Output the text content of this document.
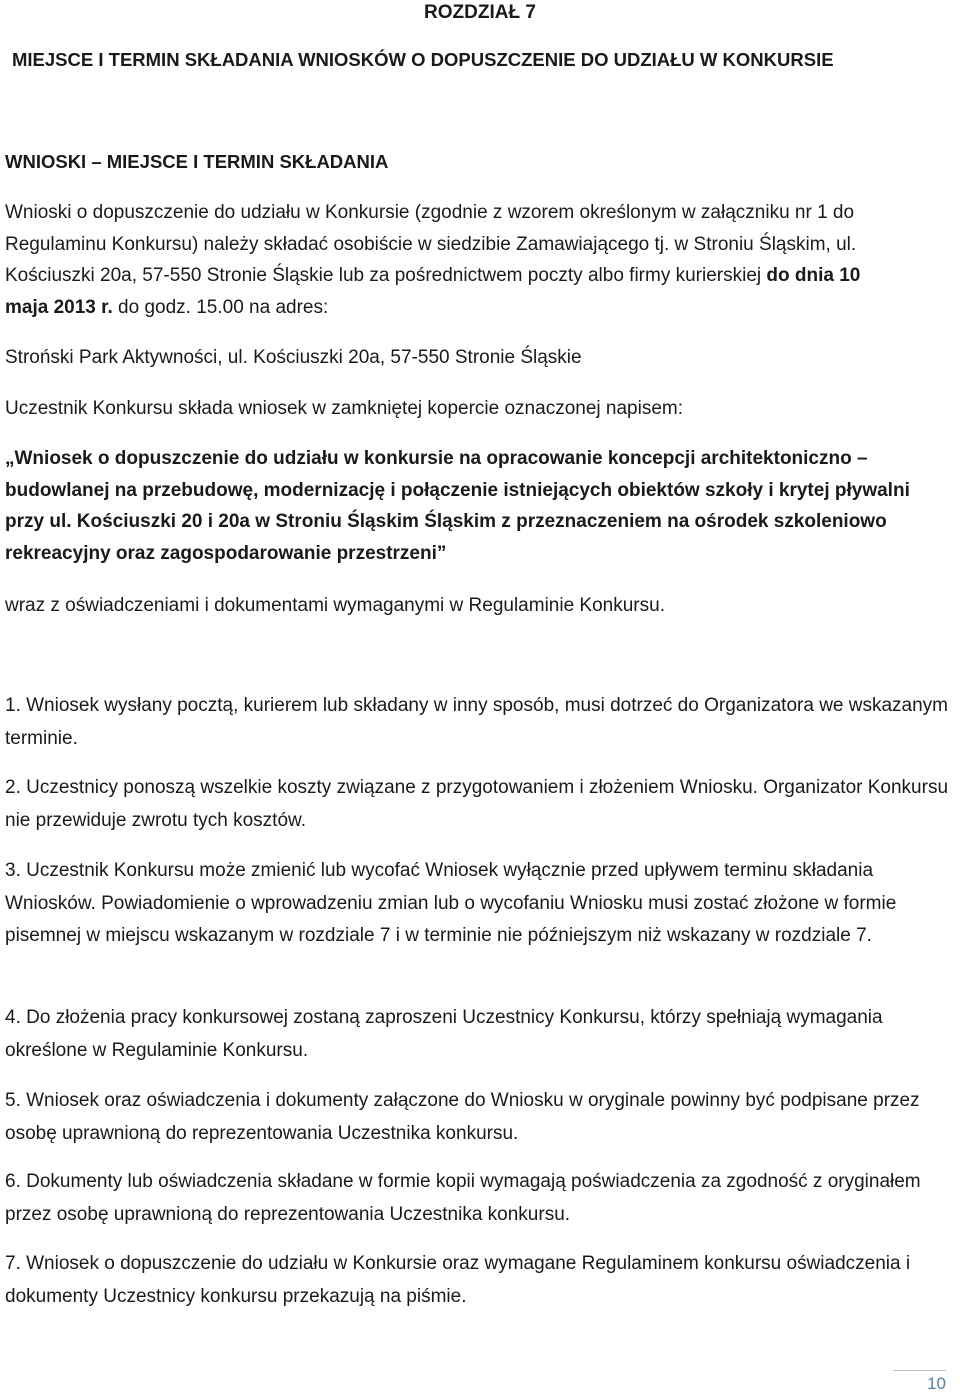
ROZDZIAŁ 7
MIEJSCE I TERMIN SKŁADANIA WNIOSKÓW O DOPUSZCZENIE DO UDZIAŁU W KONKURSIE
WNIOSKI – MIEJSCE I TERMIN SKŁADANIA

Wnioski o dopuszczenie do udziału w Konkursie (zgodnie z wzorem określonym w załączniku nr 1 do Regulaminu Konkursu) należy składać osobiście w siedzibie Zamawiającego tj. w Stroniu Śląskim, ul. Kościuszki 20a, 57-550 Stronie Śląskie lub za pośrednictwem poczty albo firmy kurierskiej do dnia 10 maja 2013 r. do godz. 15.00 na adres:

Stroński Park Aktywności, ul. Kościuszki 20a, 57-550 Stronie Śląskie

Uczestnik Konkursu składa wniosek w zamkniętej kopercie oznaczonej napisem:

„Wniosek o dopuszczenie do udziału w konkursie na opracowanie koncepcji architektoniczno – budowlanej na przebudowę, modernizację i połączenie istniejących obiektów szkoły i krytej pływalni przy ul. Kościuszki 20 i 20a w Stroniu Śląskim Śląskim z przeznaczeniem na ośrodek szkoleniowo rekreacyjny oraz zagospodarowanie przestrzeni”

wraz z oświadczeniami i dokumentami wymaganymi w Regulaminie Konkursu.

1. Wniosek wysłany pocztą, kurierem lub składany w inny sposób, musi dotrzeć do Organizatora we wskazanym terminie.

2. Uczestnicy ponoszą wszelkie koszty związane z przygotowaniem i złożeniem Wniosku. Organizator Konkursu nie przewiduje zwrotu tych kosztów.

3. Uczestnik Konkursu może zmienić lub wycofać Wniosek wyłącznie przed upływem terminu składania Wniosków. Powiadomienie o wprowadzeniu zmian lub o wycofaniu Wniosku musi zostać złożone w formie pisemnej w miejscu wskazanym w rozdziale 7 i w terminie nie późniejszym niż wskazany w rozdziale 7.

4. Do złożenia pracy konkursowej zostaną zaproszeni Uczestnicy Konkursu, którzy spełniają wymagania określone w Regulaminie Konkursu.

5. Wniosek oraz oświadczenia i dokumenty załączone do Wniosku w oryginale powinny być podpisane przez osobę uprawnioną do reprezentowania Uczestnika konkursu.

6. Dokumenty lub oświadczenia składane w formie kopii wymagają poświadczenia za zgodność z oryginałem przez osobę uprawnioną do reprezentowania Uczestnika konkursu.

7. Wniosek o dopuszczenie do udziału w Konkursie oraz wymagane Regulaminem konkursu oświadczenia i dokumenty Uczestnicy konkursu przekazują na piśmie.

10
